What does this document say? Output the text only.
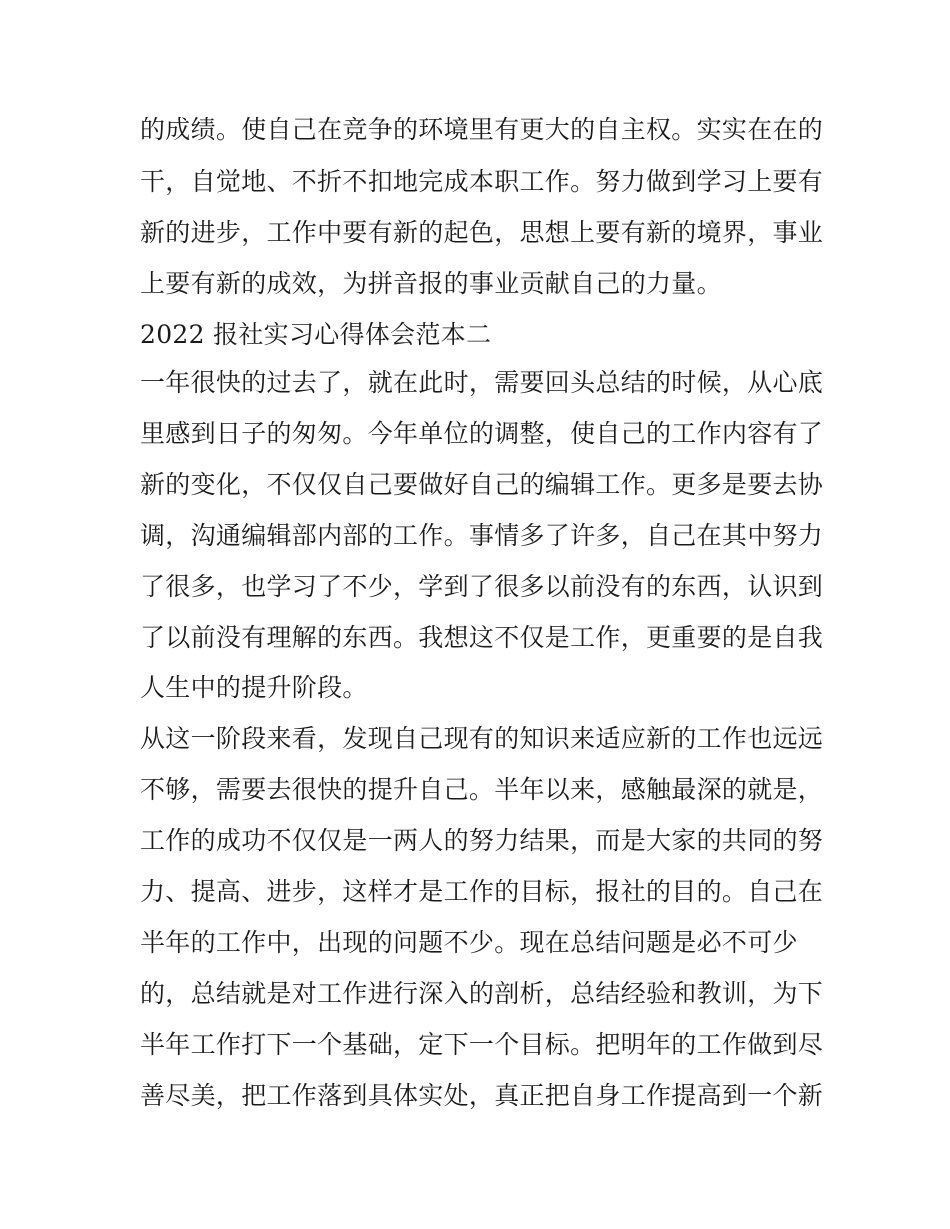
的成绩。使自己在竞争的环境里有更大的自主权。实实在在的
干，自觉地、不折不扣地完成本职工作。努力做到学习上要有
新的进步，工作中要有新的起色，思想上要有新的境界，事业
上要有新的成效，为拼音报的事业贡献自己的力量。
2022 报社实习心得体会范本二
一年很快的过去了，就在此时，需要回头总结的时候，从心底
里感到日子的匆匆。今年单位的调整，使自己的工作内容有了
新的变化，不仅仅自己要做好自己的编辑工作。更多是要去协
调，沟通编辑部内部的工作。事情多了许多，自己在其中努力
了很多，也学习了不少，学到了很多以前没有的东西，认识到
了以前没有理解的东西。我想这不仅是工作，更重要的是自我
人生中的提升阶段。
从这一阶段来看，发现自己现有的知识来适应新的工作也远远
不够，需要去很快的提升自己。半年以来，感触最深的就是，
工作的成功不仅仅是一两人的努力结果，而是大家的共同的努
力、提高、进步，这样才是工作的目标，报社的目的。自己在
半年的工作中，出现的问题不少。现在总结问题是必不可少
的，总结就是对工作进行深入的剖析，总结经验和教训，为下
半年工作打下一个基础，定下一个目标。把明年的工作做到尽
善尽美，把工作落到具体实处，真正把自身工作提高到一个新
